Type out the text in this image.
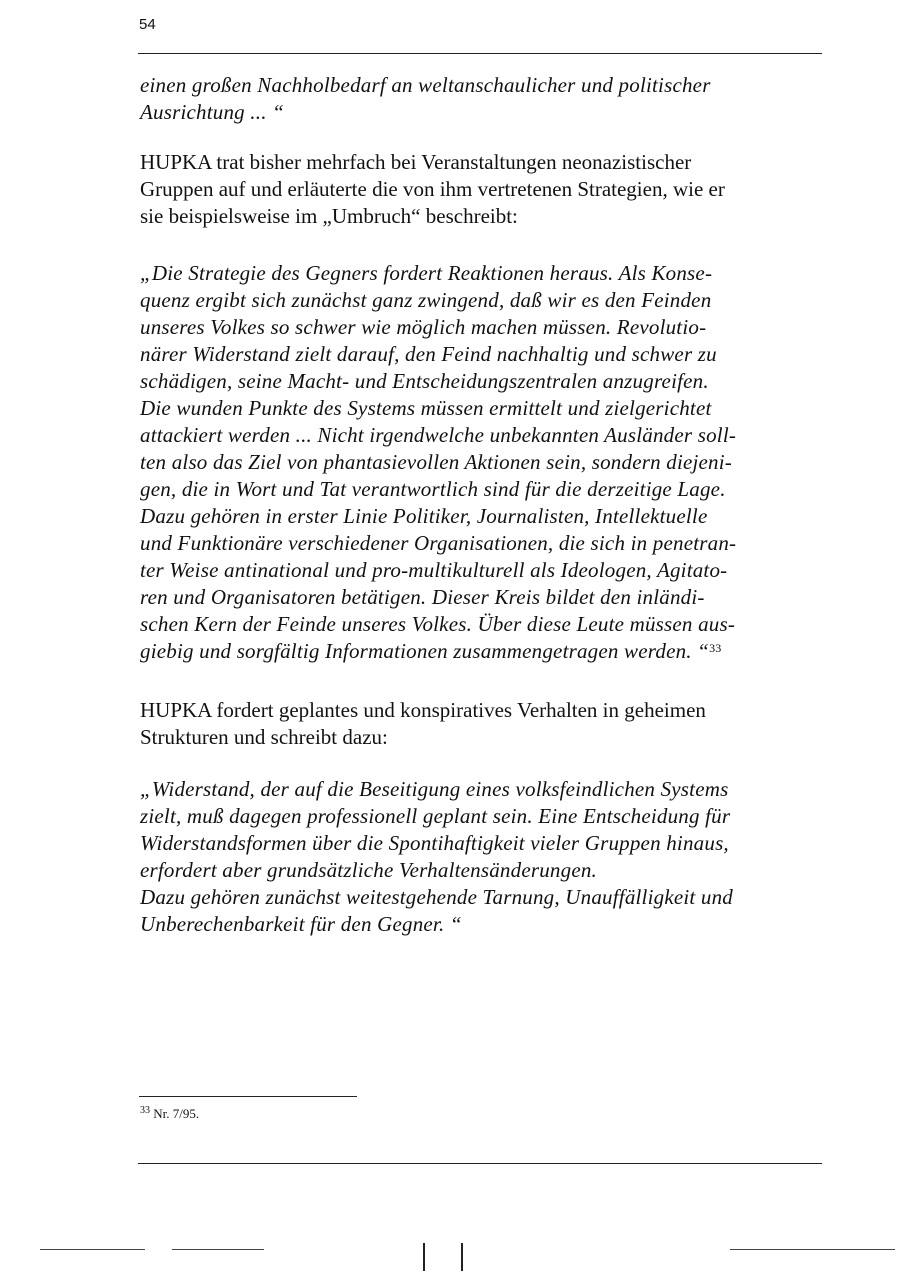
54

einen großen Nachholbedarf an weltanschaulicher und politischer
Ausrichtung ... “

HUPKA trat bisher mehrfach bei Veranstaltungen neonazistischer
Gruppen auf und erläuterte die von ihm vertretenen Strategien, wie er
sie beispielsweise im „Umbruch“ beschreibt:

„Die Strategie des Gegners fordert Reaktionen heraus. Als Konse-
quenz ergibt sich zunächst ganz zwingend, daß wir es den Feinden
unseres Volkes so schwer wie möglich machen müssen. Revolutio-
närer Widerstand zielt darauf, den Feind nachhaltig und schwer zu
schädigen, seine Macht- und Entscheidungszentralen anzugreifen.
Die wunden Punkte des Systems müssen ermittelt und zielgerichtet
attackiert werden ... Nicht irgendwelche unbekannten Ausländer soll-
ten also das Ziel von phantasievollen Aktionen sein, sondern diejeni-
gen, die in Wort und Tat verantwortlich sind für die derzeitige Lage.
Dazu gehören in erster Linie Politiker, Journalisten, Intellektuelle
und Funktionäre verschiedener Organisationen, die sich in penetran-
ter Weise antinational und pro-multikulturell als Ideologen, Agitato-
ren und Organisatoren betätigen. Dieser Kreis bildet den inländi-
schen Kern der Feinde unseres Volkes. Über diese Leute müssen aus-
giebig und sorgfältig Informationen zusammengetragen werden. “$^{33}$

HUPKA fordert geplantes und konspiratives Verhalten in geheimen
Strukturen und schreibt dazu:

„Widerstand, der auf die Beseitigung eines volksfeindlichen Systems
zielt, muß dagegen professionell geplant sein. Eine Entscheidung für
Widerstandsformen über die Spontihaftigkeit vieler Gruppen hinaus,
erfordert aber grundsätzliche Verhaltensänderungen.
Dazu gehören zunächst weitestgehende Tarnung, Unauffälligkeit und
Unberechenbarkeit für den Gegner. “

$^{33}$ Nr. 7/95.
